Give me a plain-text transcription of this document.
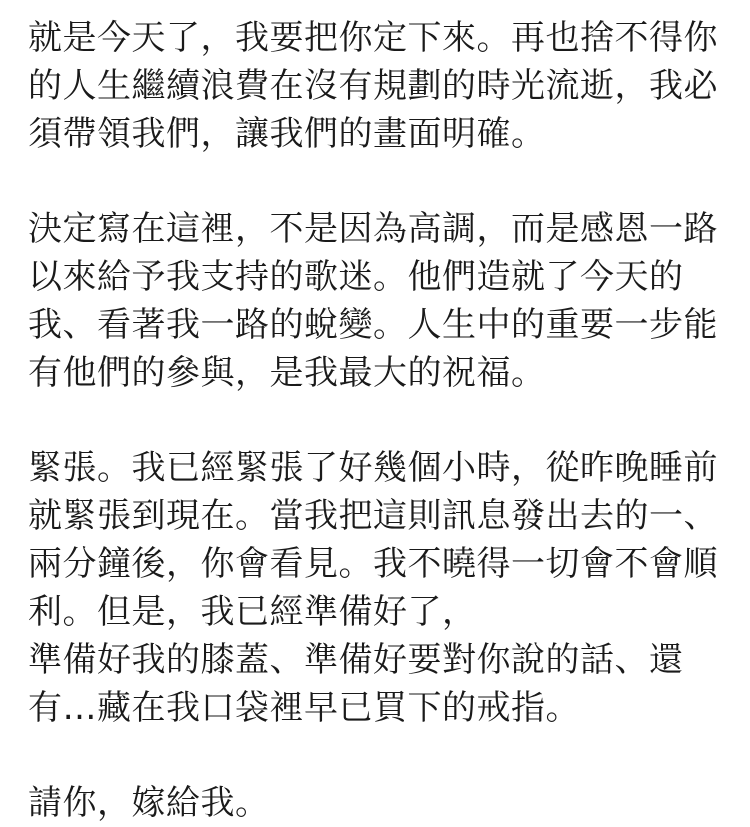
就是今天了，我要把你定下來。再也捨不得你
的人生繼續浪費在沒有規劃的時光流逝，我必
須帶領我們，讓我們的畫面明確。
決定寫在這裡，不是因為高調，而是感恩一路
以來給予我支持的歌迷。他們造就了今天的
我、看著我一路的蛻變。人生中的重要一步能
有他們的參與，是我最大的祝福。
緊張。我已經緊張了好幾個小時，從昨晚睡前
就緊張到現在。當我把這則訊息發出去的一、
兩分鐘後，你會看見。我不曉得一切會不會順
利。但是，我已經準備好了，
準備好我的膝蓋、準備好要對你說的話、還
有…藏在我口袋裡早已買下的戒指。
請你，嫁給我。
